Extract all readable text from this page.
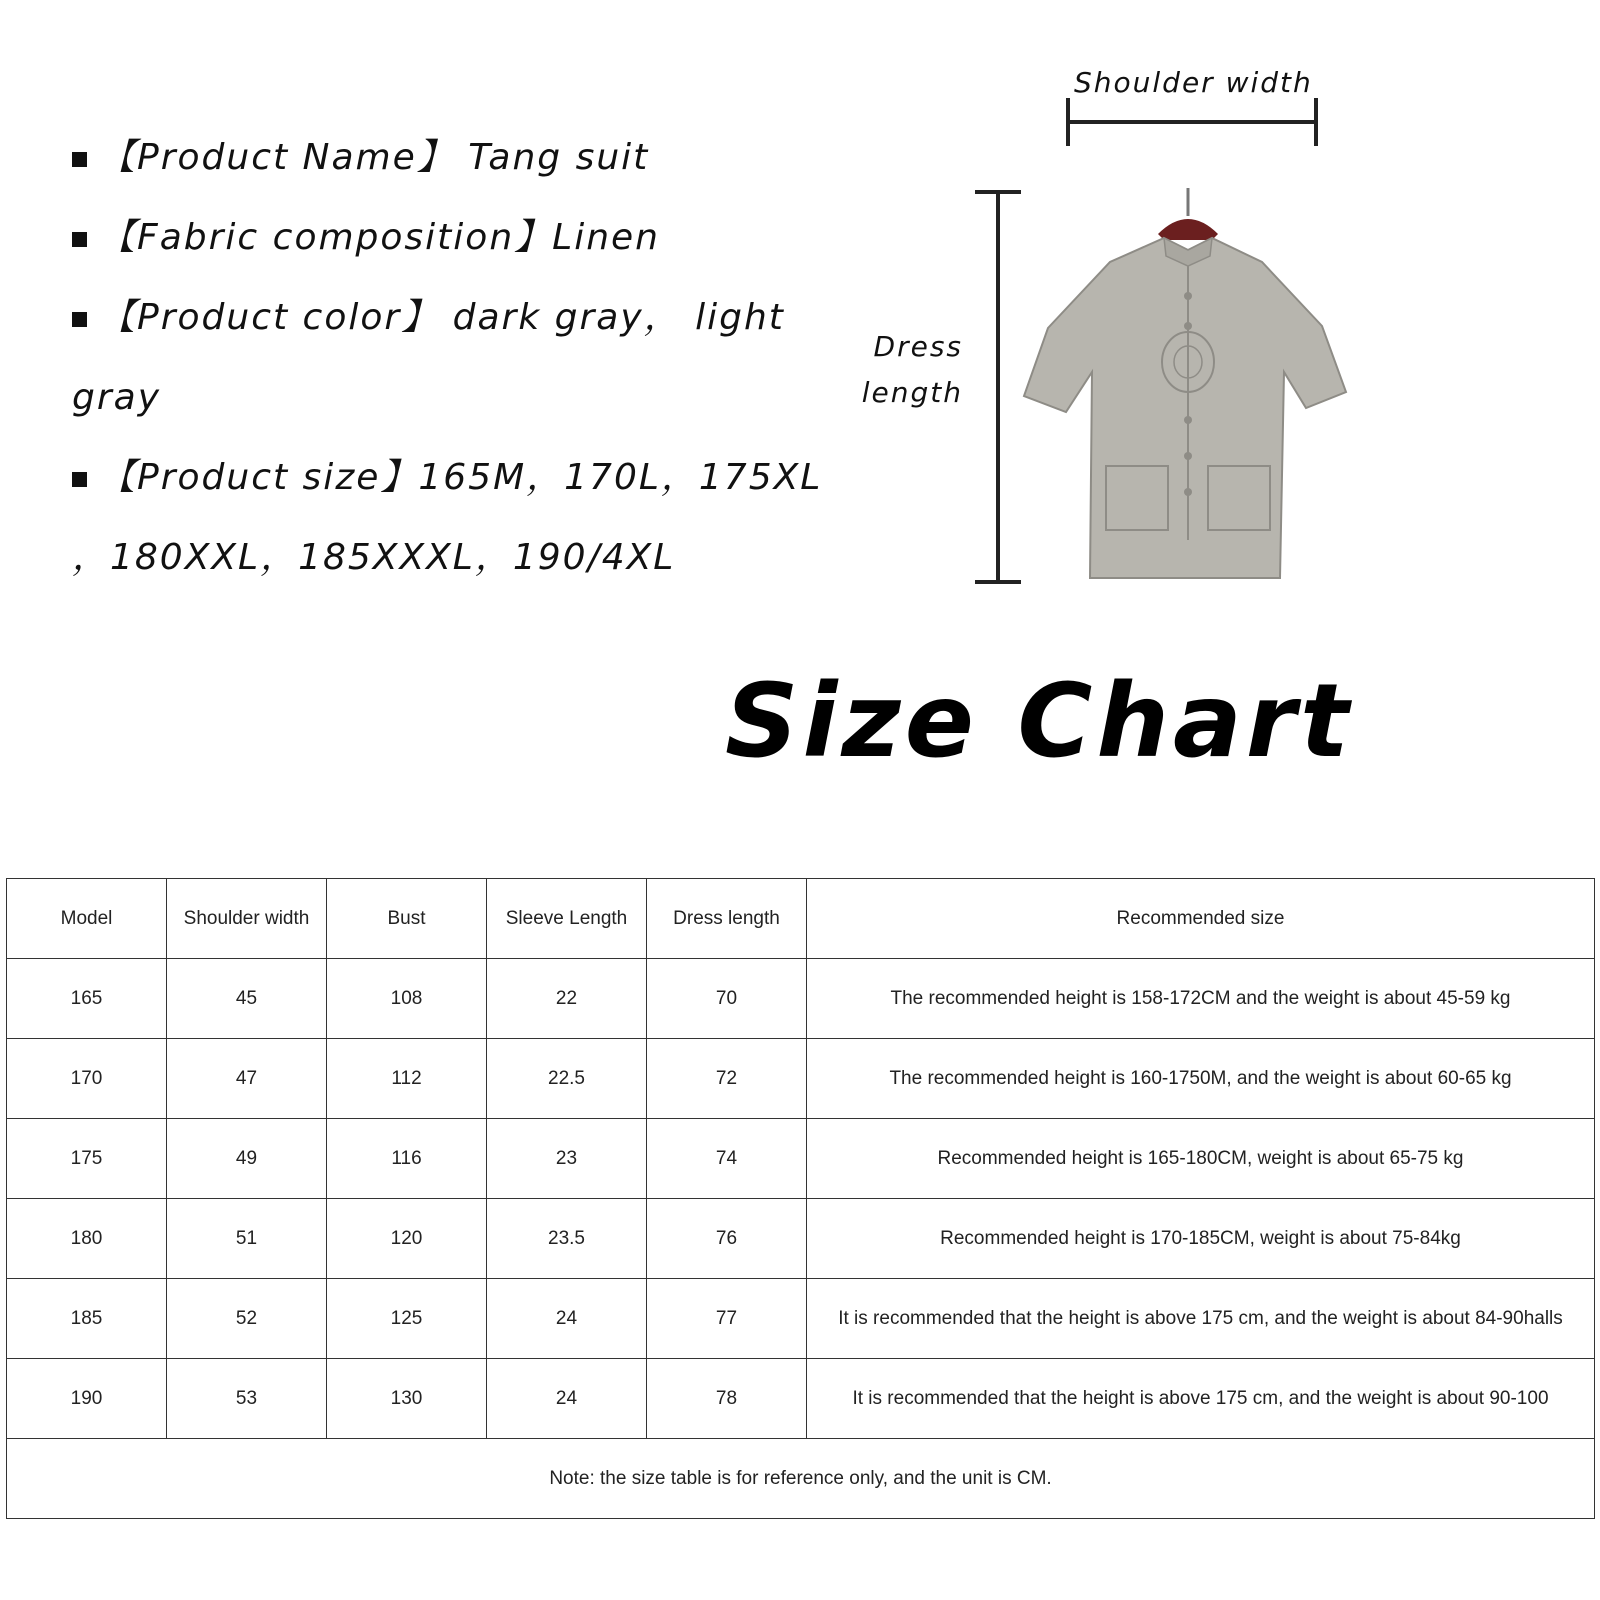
【Product Name】 Tang suit
【Fabric composition】Linen
【Product color】 dark gray， light
gray
【Product size】165M，170L，175XL
，180XXL，185XXXL，190/4XL
Shoulder width
Dress
length
Size Chart
Model	Shoulder width	Bust	Sleeve Length	Dress length	Recommended size
165	45	108	22	70	The recommended height is 158-172CM and the weight is about 45-59 kg
170	47	112	22.5	72	The recommended height is 160-1750M, and the weight is about 60-65 kg
175	49	116	23	74	Recommended height is 165-180CM, weight is about 65-75 kg
180	51	120	23.5	76	Recommended height is 170-185CM, weight is about 75-84kg
185	52	125	24	77	It is recommended that the height is above 175 cm, and the weight is about 84-90halls
190	53	130	24	78	It is recommended that the height is above 175 cm, and the weight is about 90-100
Note: the size table is for reference only, and the unit is CM.					
